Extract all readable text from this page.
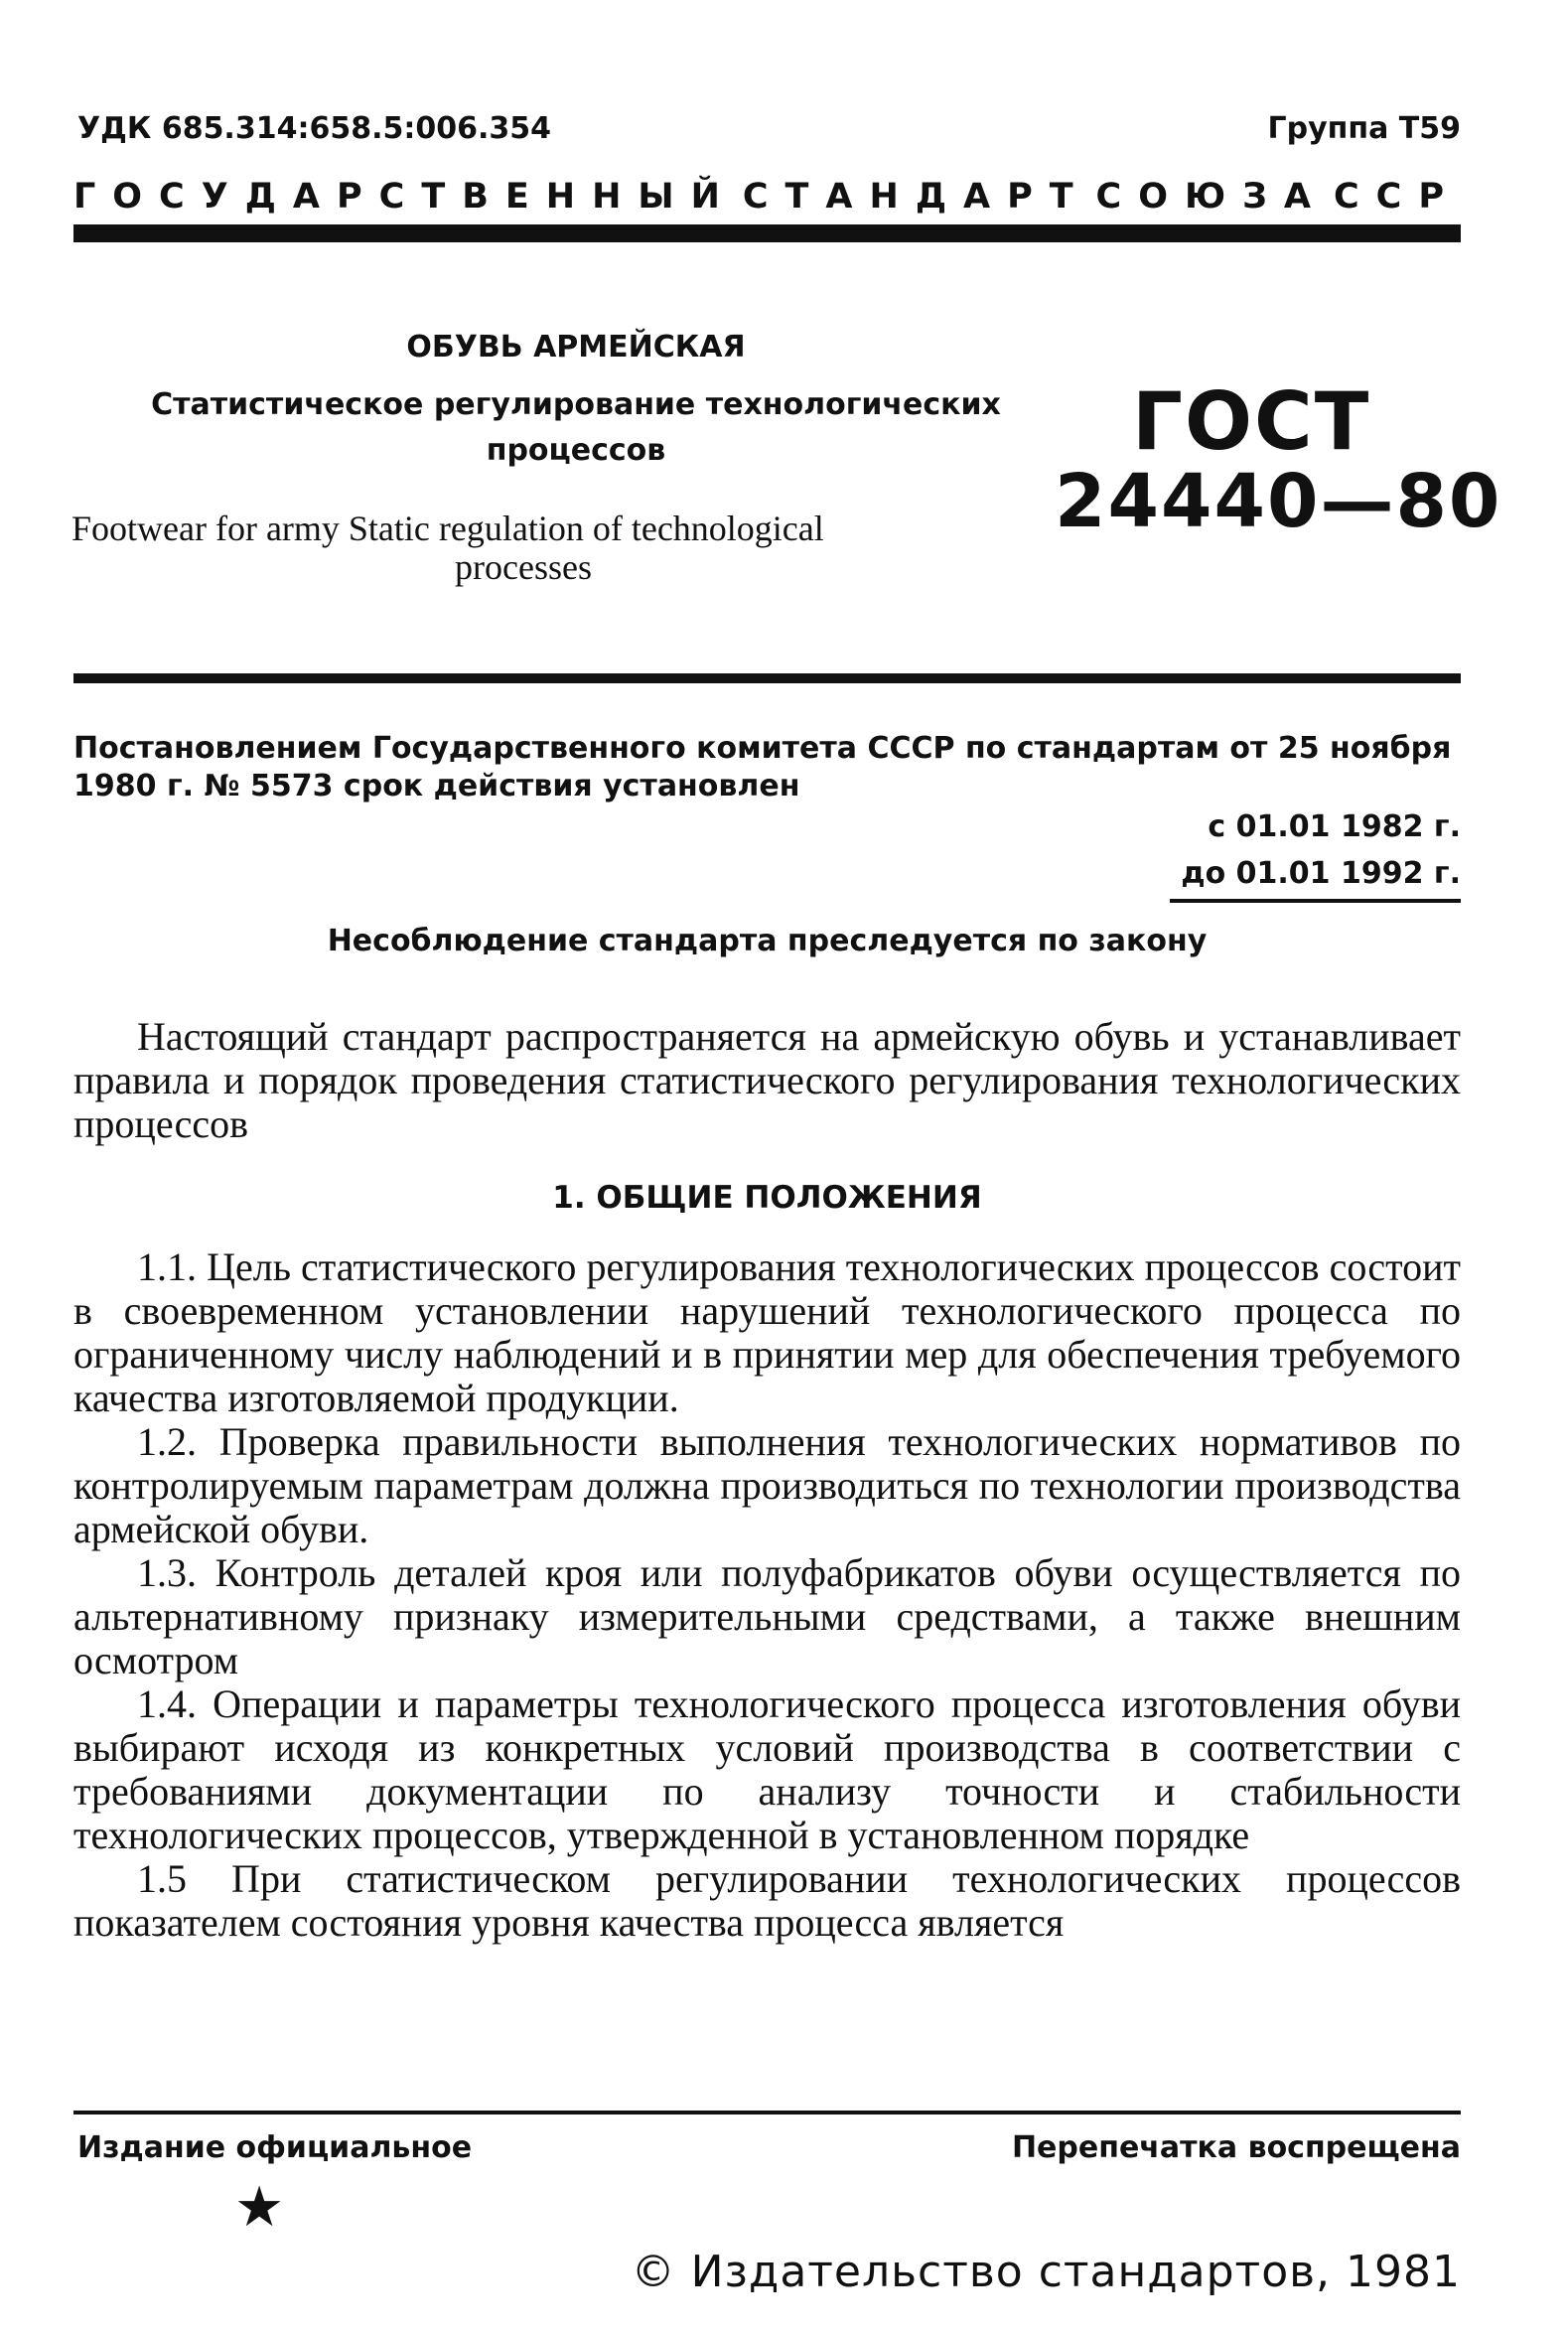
УДК 685.314:658.5:006.354	Группа Т59
ГОСУДАРСТВЕННЫЙ СТАНДАРТ СОЮЗА ССР
ОБУВЬ АРМЕЙСКАЯ
Статистическое регулирование технологических процессов
Footwear for army Static regulation of technological
processes
ГОСТ
24440—80
Постановлением Государственного комитета СССР по стандартам от 25 ноября 1980 г. № 5573 срок действия установлен
с 01.01 1982 г.
до 01.01 1992 г.
Несоблюдение стандарта преследуется по закону

Настоящий стандарт распространяется на армейскую обувь и устанавливает правила и порядок проведения статистического регулирования технологических процессов

1. ОБЩИЕ ПОЛОЖЕНИЯ

1.1. Цель статистического регулирования технологических процессов состоит в своевременном установлении нарушений технологического процесса по ограниченному числу наблюдений и в принятии мер для обеспечения требуемого качества изготовляемой продукции.

1.2. Проверка правильности выполнения технологических нормативов по контролируемым параметрам должна производиться по технологии производства армейской обуви.

1.3. Контроль деталей кроя или полуфабрикатов обуви осуществляется по альтернативному признаку измерительными средствами, а также внешним осмотром

1.4. Операции и параметры технологического процесса изготовления обуви выбирают исходя из конкретных условий производства в соответствии с требованиями документации по анализу точности и стабильности технологических процессов, утвержденной в установленном порядке

1.5 При статистическом регулировании технологических процессов показателем состояния уровня качества процесса является

Издание официальное	Перепечатка воспрещена
★
© Издательство стандартов, 1981
